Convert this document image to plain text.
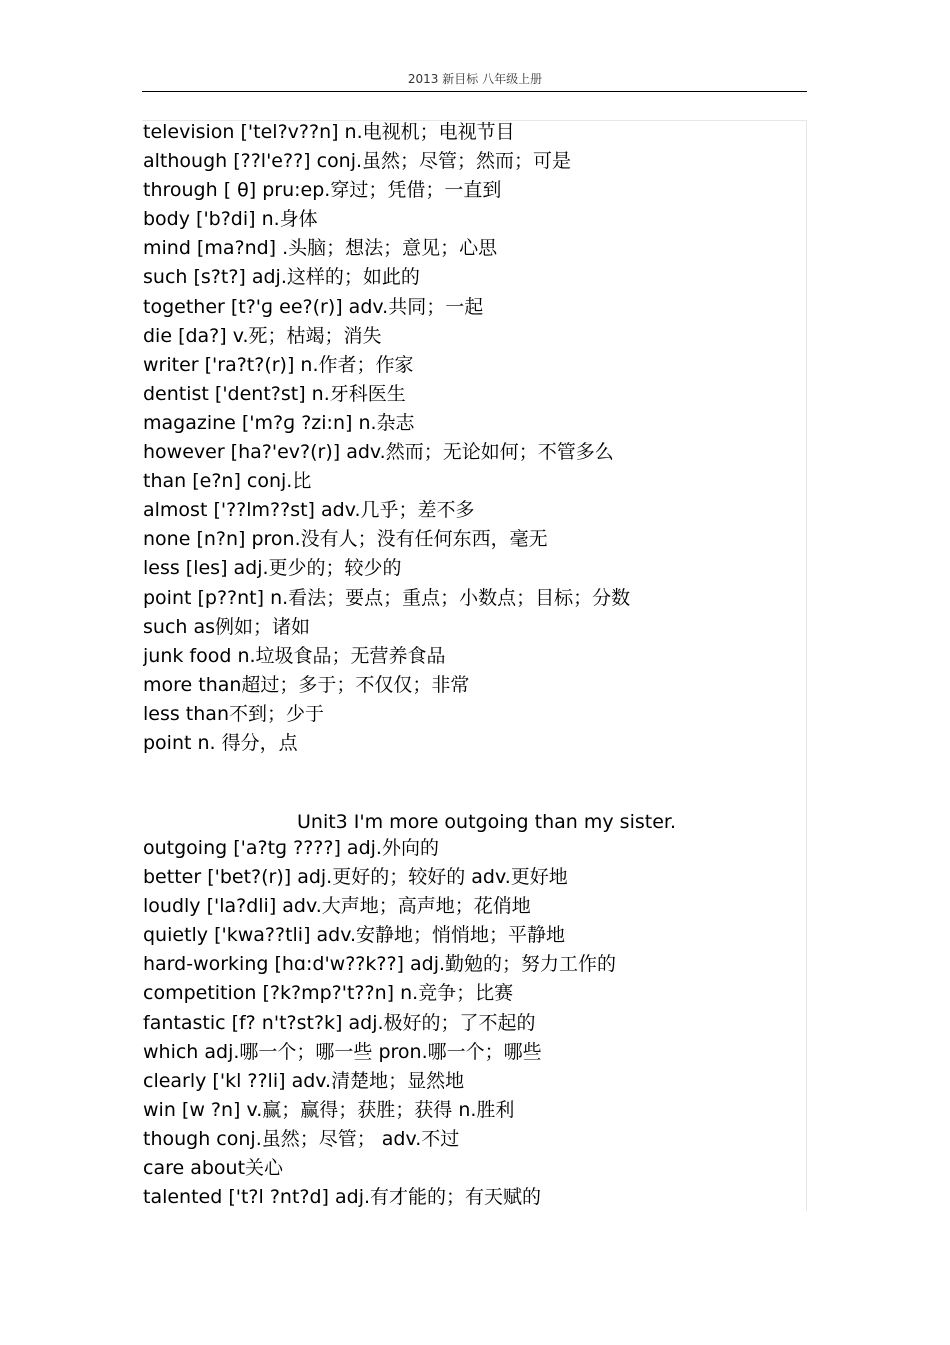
2013 新目标 八年级上册
television ['tel?v??n] n.电视机；电视节目
although [??l'e??] conj.虽然；尽管；然而；可是
through [ θ] pru:ep.穿过；凭借；一直到
body ['b?di] n.身体
mind [ma?nd] .头脑；想法；意见；心思
such [s?t?] adj.这样的；如此的
together [t?'ɡ ee?(r)] adv.共同；一起
die [da?] v.死；枯竭；消失
writer ['ra?t?(r)] n.作者；作家
dentist ['dent?st] n.牙科医生
magazine ['m?ɡ ?zi:n] n.杂志
however [ha?'ev?(r)] adv.然而；无论如何；不管多么
than [e?n] conj.比
almost ['??lm??st] adv.几乎；差不多
none [n?n] pron.没有人；没有任何东西，毫无
less [les] adj.更少的；较少的
point [p??nt] n.看法；要点；重点；小数点；目标；分数
such as例如；诸如
junk food n.垃圾食品；无营养食品
more than超过；多于；不仅仅；非常
less than不到；少于
point n. 得分，点
Unit3 I'm more outgoing than my sister.
outgoing ['a?tɡ ????] adj.外向的
better ['bet?(r)] adj.更好的；较好的 adv.更好地
loudly ['la?dli] adv.大声地；高声地；花俏地
quietly ['kwa??tli] adv.安静地；悄悄地；平静地
hard-working [hɑ:d'w??k??] adj.勤勉的；努力工作的
competition [?k?mp?'t??n] n.竞争；比赛
fantastic [f? n't?st?k] adj.极好的；了不起的
which adj.哪一个；哪一些 pron.哪一个；哪些
clearly ['kl ??li] adv.清楚地；显然地
win [w ?n] v.赢；赢得；获胜；获得 n.胜利
though conj.虽然；尽管； adv.不过
care about关心
talented ['t?l ?nt?d] adj.有才能的；有天赋的
